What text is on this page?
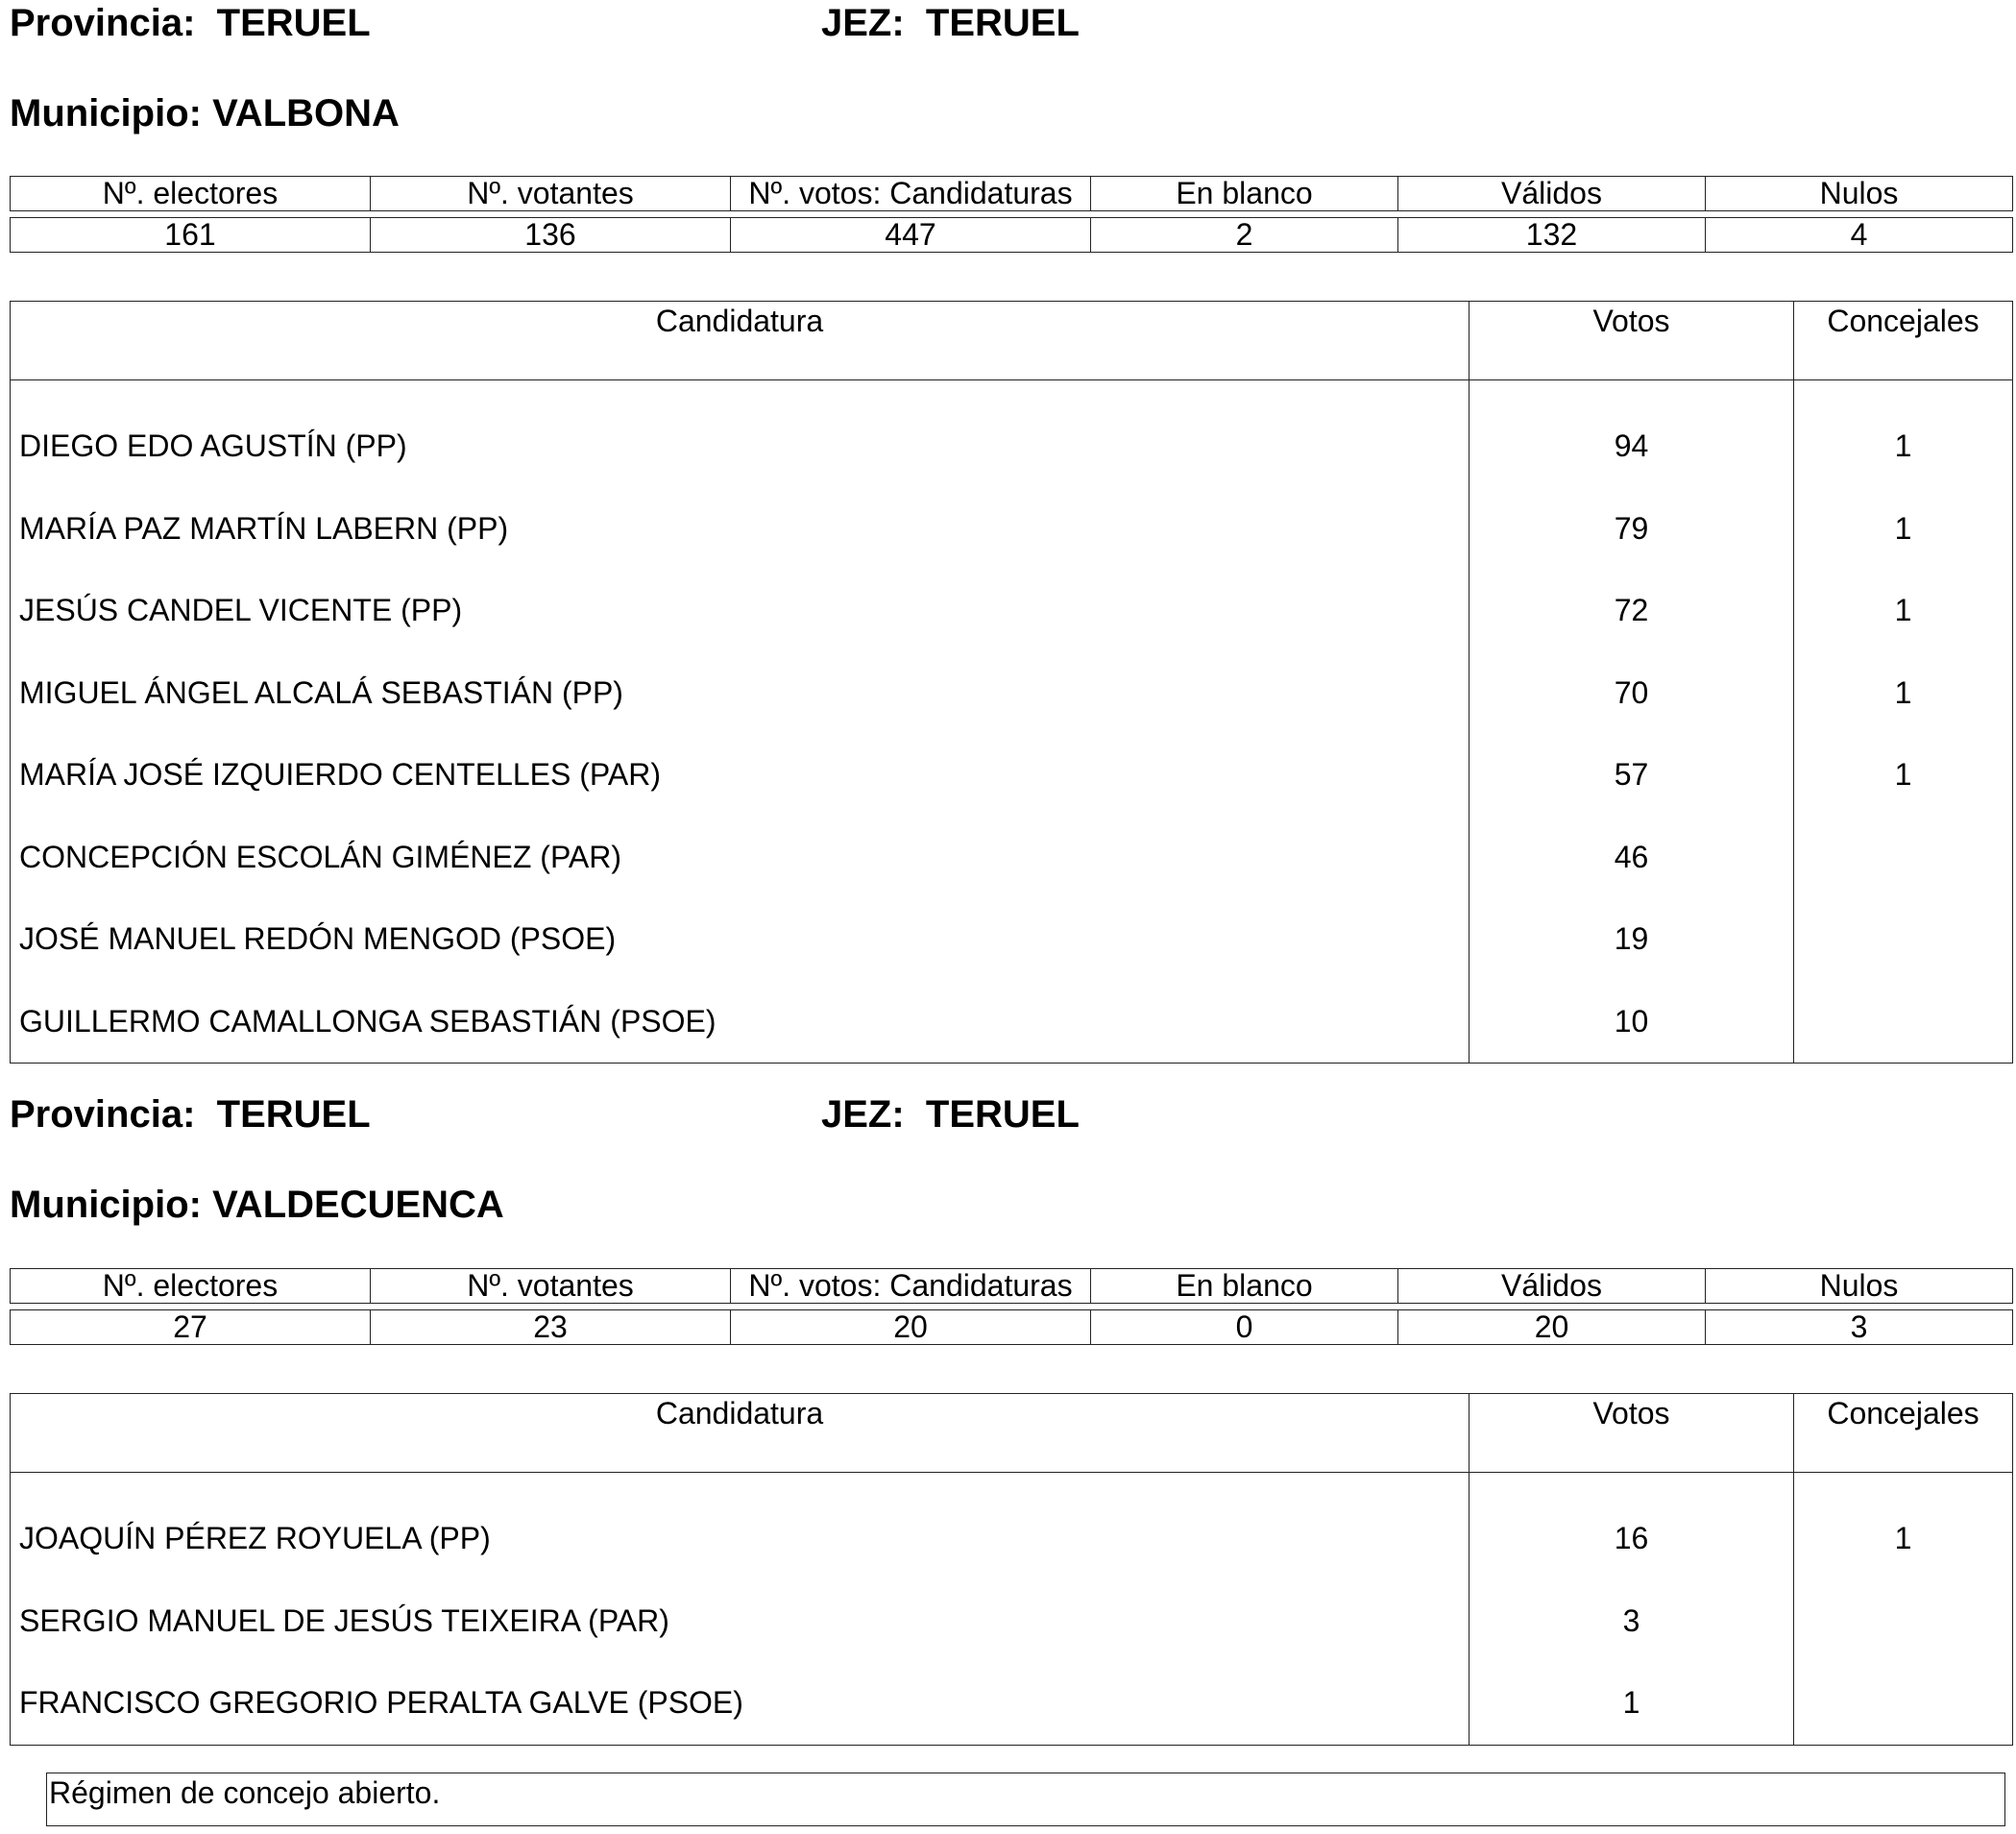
Provincia: TERUEL	JEZ: TERUEL
Municipio: VALBONA
Nº. electores	Nº. votantes	Nº. votos: Candidaturas	En blanco	Válidos	Nulos

161	136	447	2	132	4
Candidatura	Votos	Concejales
DIEGO EDO AGUSTÍN (PP)	94	1
MARÍA PAZ MARTÍN LABERN (PP)	79	1
JESÚS CANDEL VICENTE (PP)	72	1
MIGUEL ÁNGEL ALCALÁ SEBASTIÁN (PP)	70	1
MARÍA JOSÉ IZQUIERDO CENTELLES (PAR)	57	1
CONCEPCIÓN ESCOLÁN GIMÉNEZ (PAR)	46	
JOSÉ MANUEL REDÓN MENGOD (PSOE)	19	
GUILLERMO CAMALLONGA SEBASTIÁN (PSOE)	10	
Provincia: TERUEL	JEZ: TERUEL
Municipio: VALDECUENCA
Nº. electores	Nº. votantes	Nº. votos: Candidaturas	En blanco	Válidos	Nulos

27	23	20	0	20	3
Candidatura	Votos	Concejales
JOAQUÍN PÉREZ ROYUELA (PP)	16	1
SERGIO MANUEL DE JESÚS TEIXEIRA (PAR)	3	
FRANCISCO GREGORIO PERALTA GALVE (PSOE)	1	
Régimen de concejo abierto.
